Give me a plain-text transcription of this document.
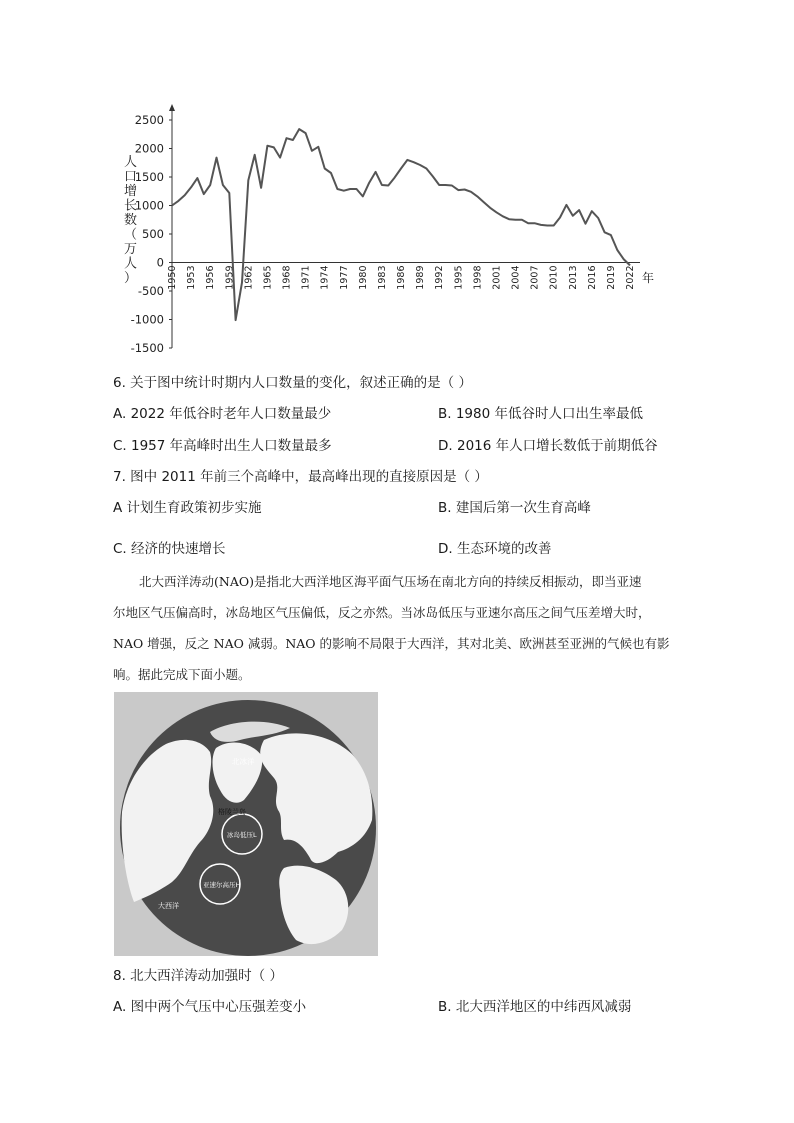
2500
2000
1500
1000
500
0
-500
-1000
-1500
1950 1953 1956 1959 1962 1965 1968 1971 1974 1977 1980 1983 1986 1989 1992 1995 1998 2001 2004 2007 2010 2013 2016 2019 2022
人
口
增
长
数
（
万
人
）	年
6. 关于图中统计时期内人口数量的变化，叙述正确的是（ ）
A. 2022 年低谷时老年人口数量最少	B. 1980 年低谷时人口出生率最低
C. 1957 年高峰时出生人口数量最多	D. 2016 年人口增长数低于前期低谷
7. 图中 2011 年前三个高峰中，最高峰出现的直接原因是（ ）
A 计划生育政策初步实施	B. 建国后第一次生育高峰
C. 经济的快速增长	D. 生态环境的改善
北大西洋涛动(NAO)是指北大西洋地区海平面气压场在南北方向的持续反相振动，即当亚速
尔地区气压偏高时，冰岛地区气压偏低，反之亦然。当冰岛低压与亚速尔高压之间气压差增大时，
NAO 增强，反之 NAO 减弱。NAO 的影响不局限于大西洋，其对北美、欧洲甚至亚洲的气候也有影
响。据此完成下面小题。
北冰洋
格陵兰岛
冰岛低压L
亚速尔高压H
大西洋
8. 北大西洋涛动加强时（ ）
A. 图中两个气压中心压强差变小	B. 北大西洋地区的中纬西风减弱
